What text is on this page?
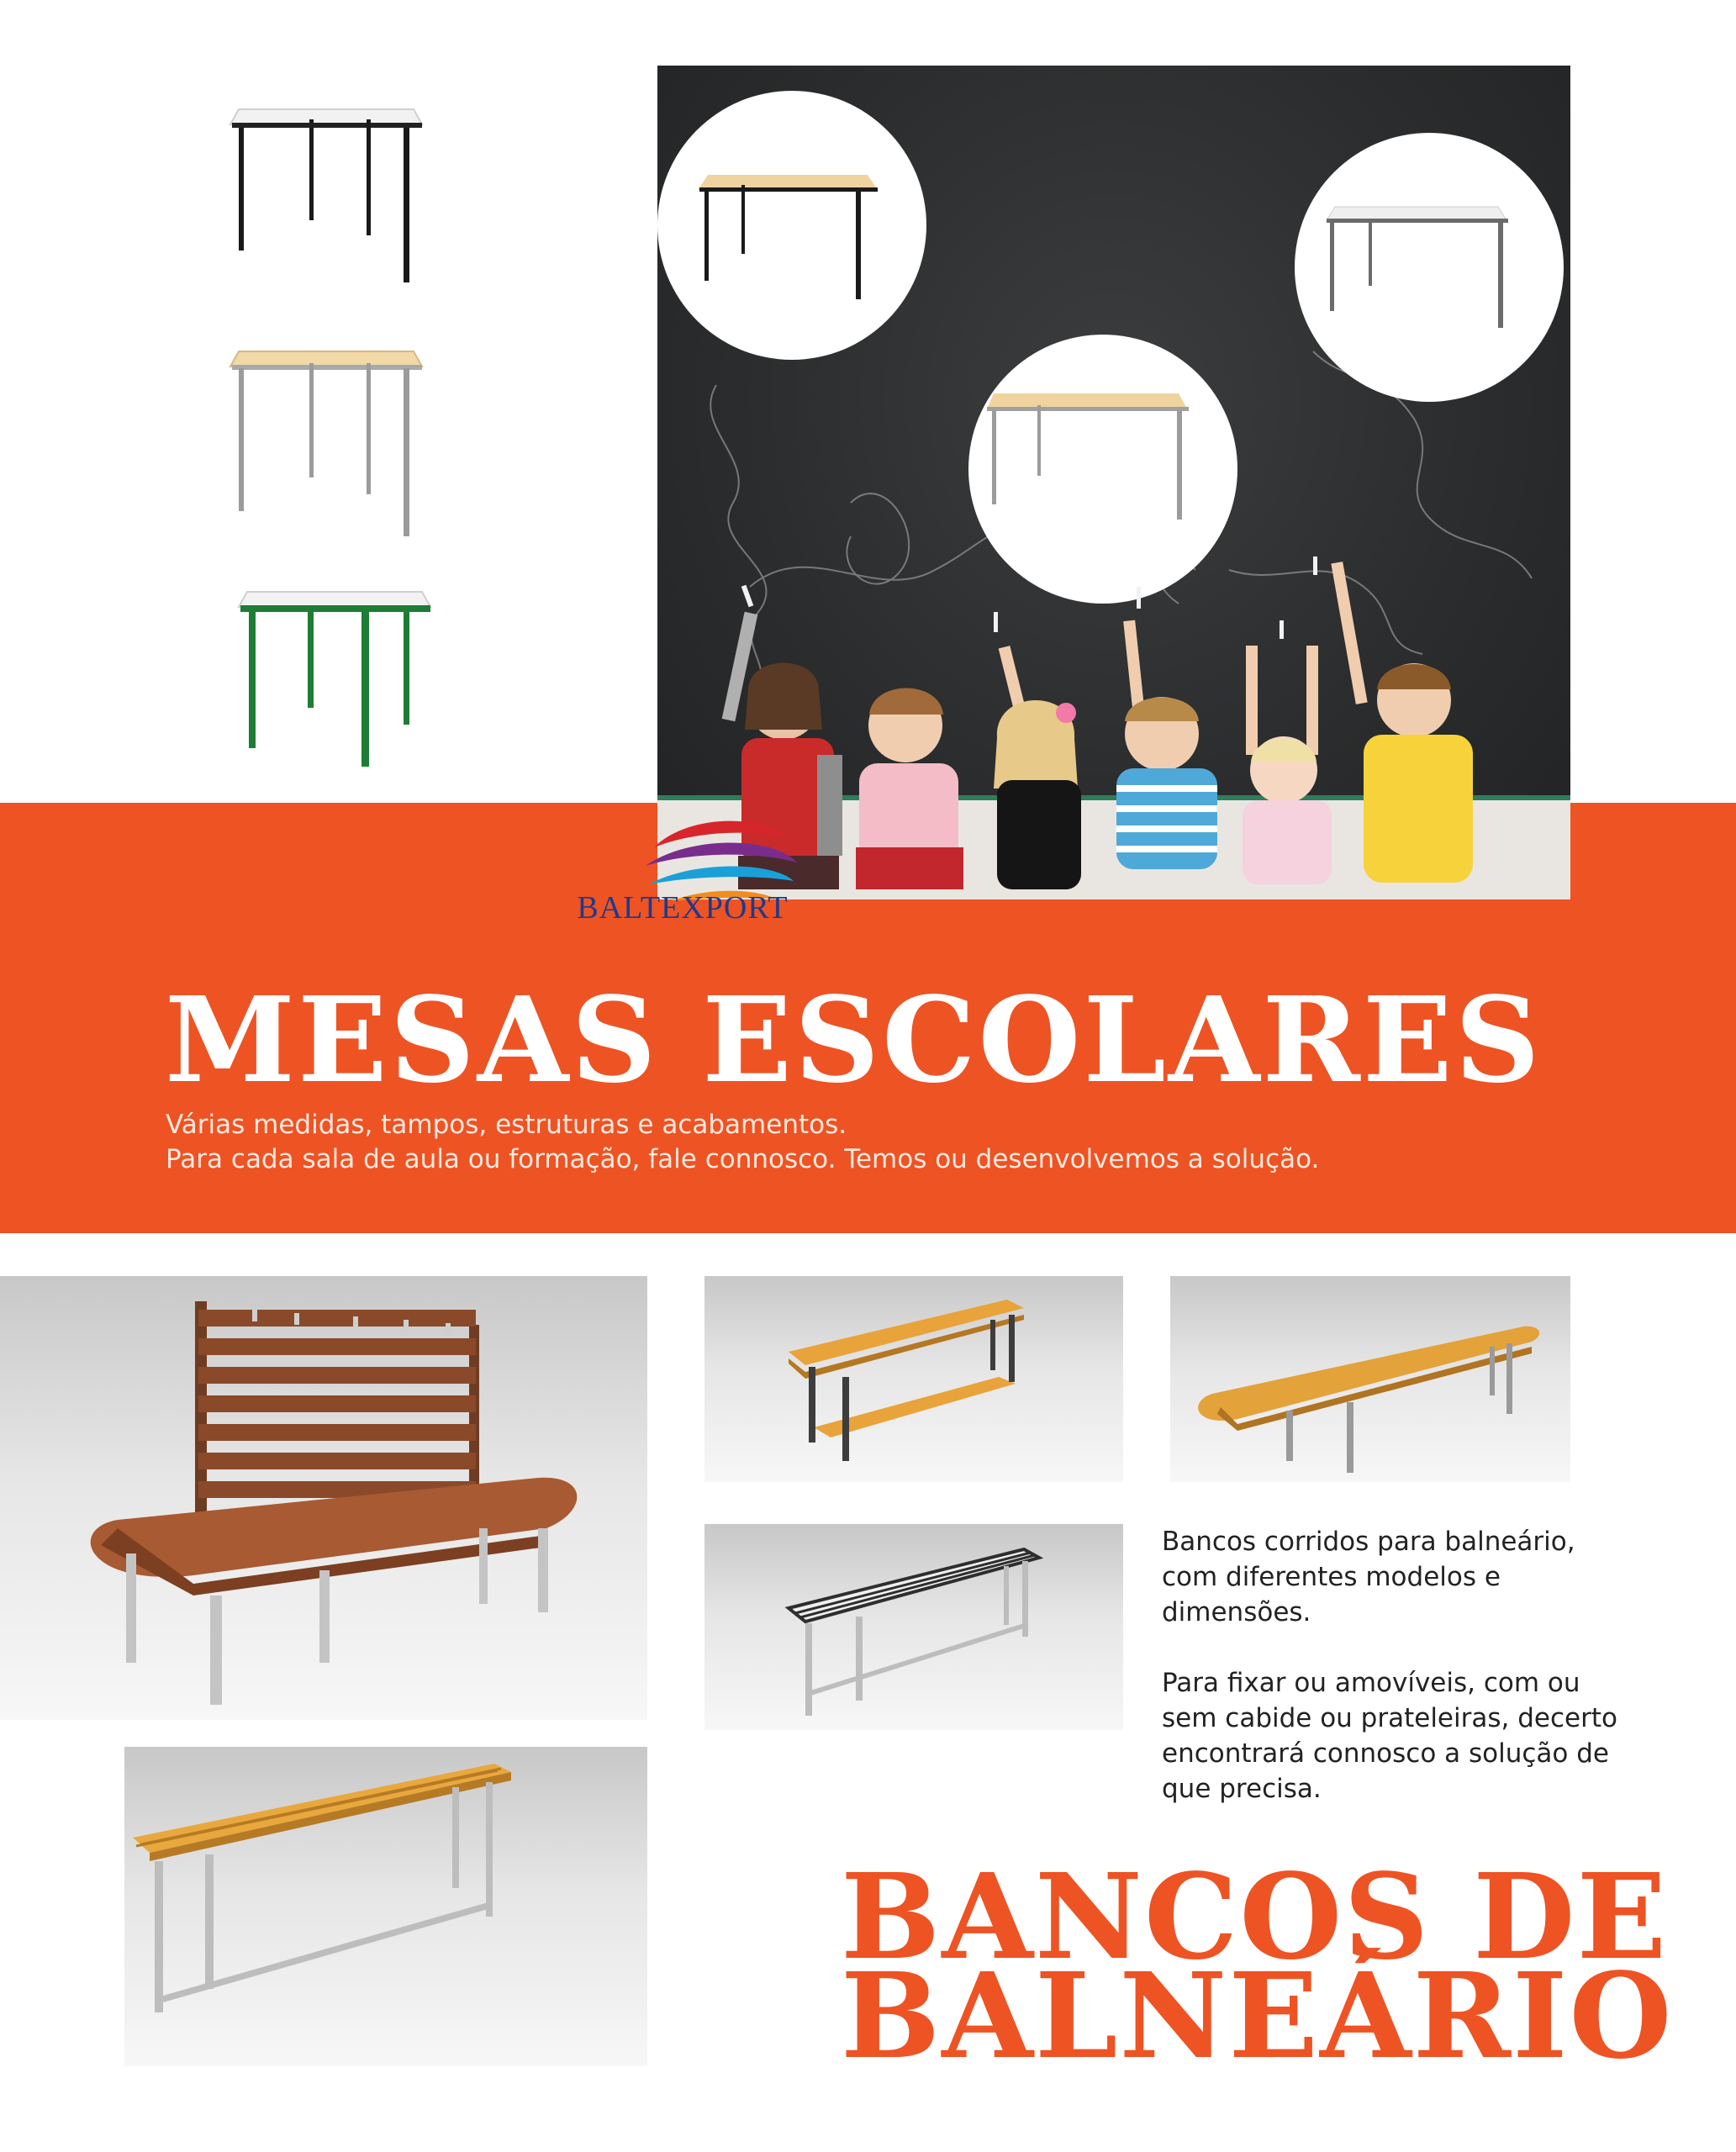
BALTEXPORT
MESAS ESCOLARES
Várias medidas, tampos, estruturas e acabamentos.
Para cada sala de aula ou formação, fale connosco. Temos ou desenvolvemos a solução.

Bancos corridos para balneário, com diferentes modelos e dimensões.

Para fixar ou amovíveis, com ou sem cabide ou prateleiras, decerto encontrará connosco a solução de que precisa.

BANCOS DE
BALNEÁRIO
